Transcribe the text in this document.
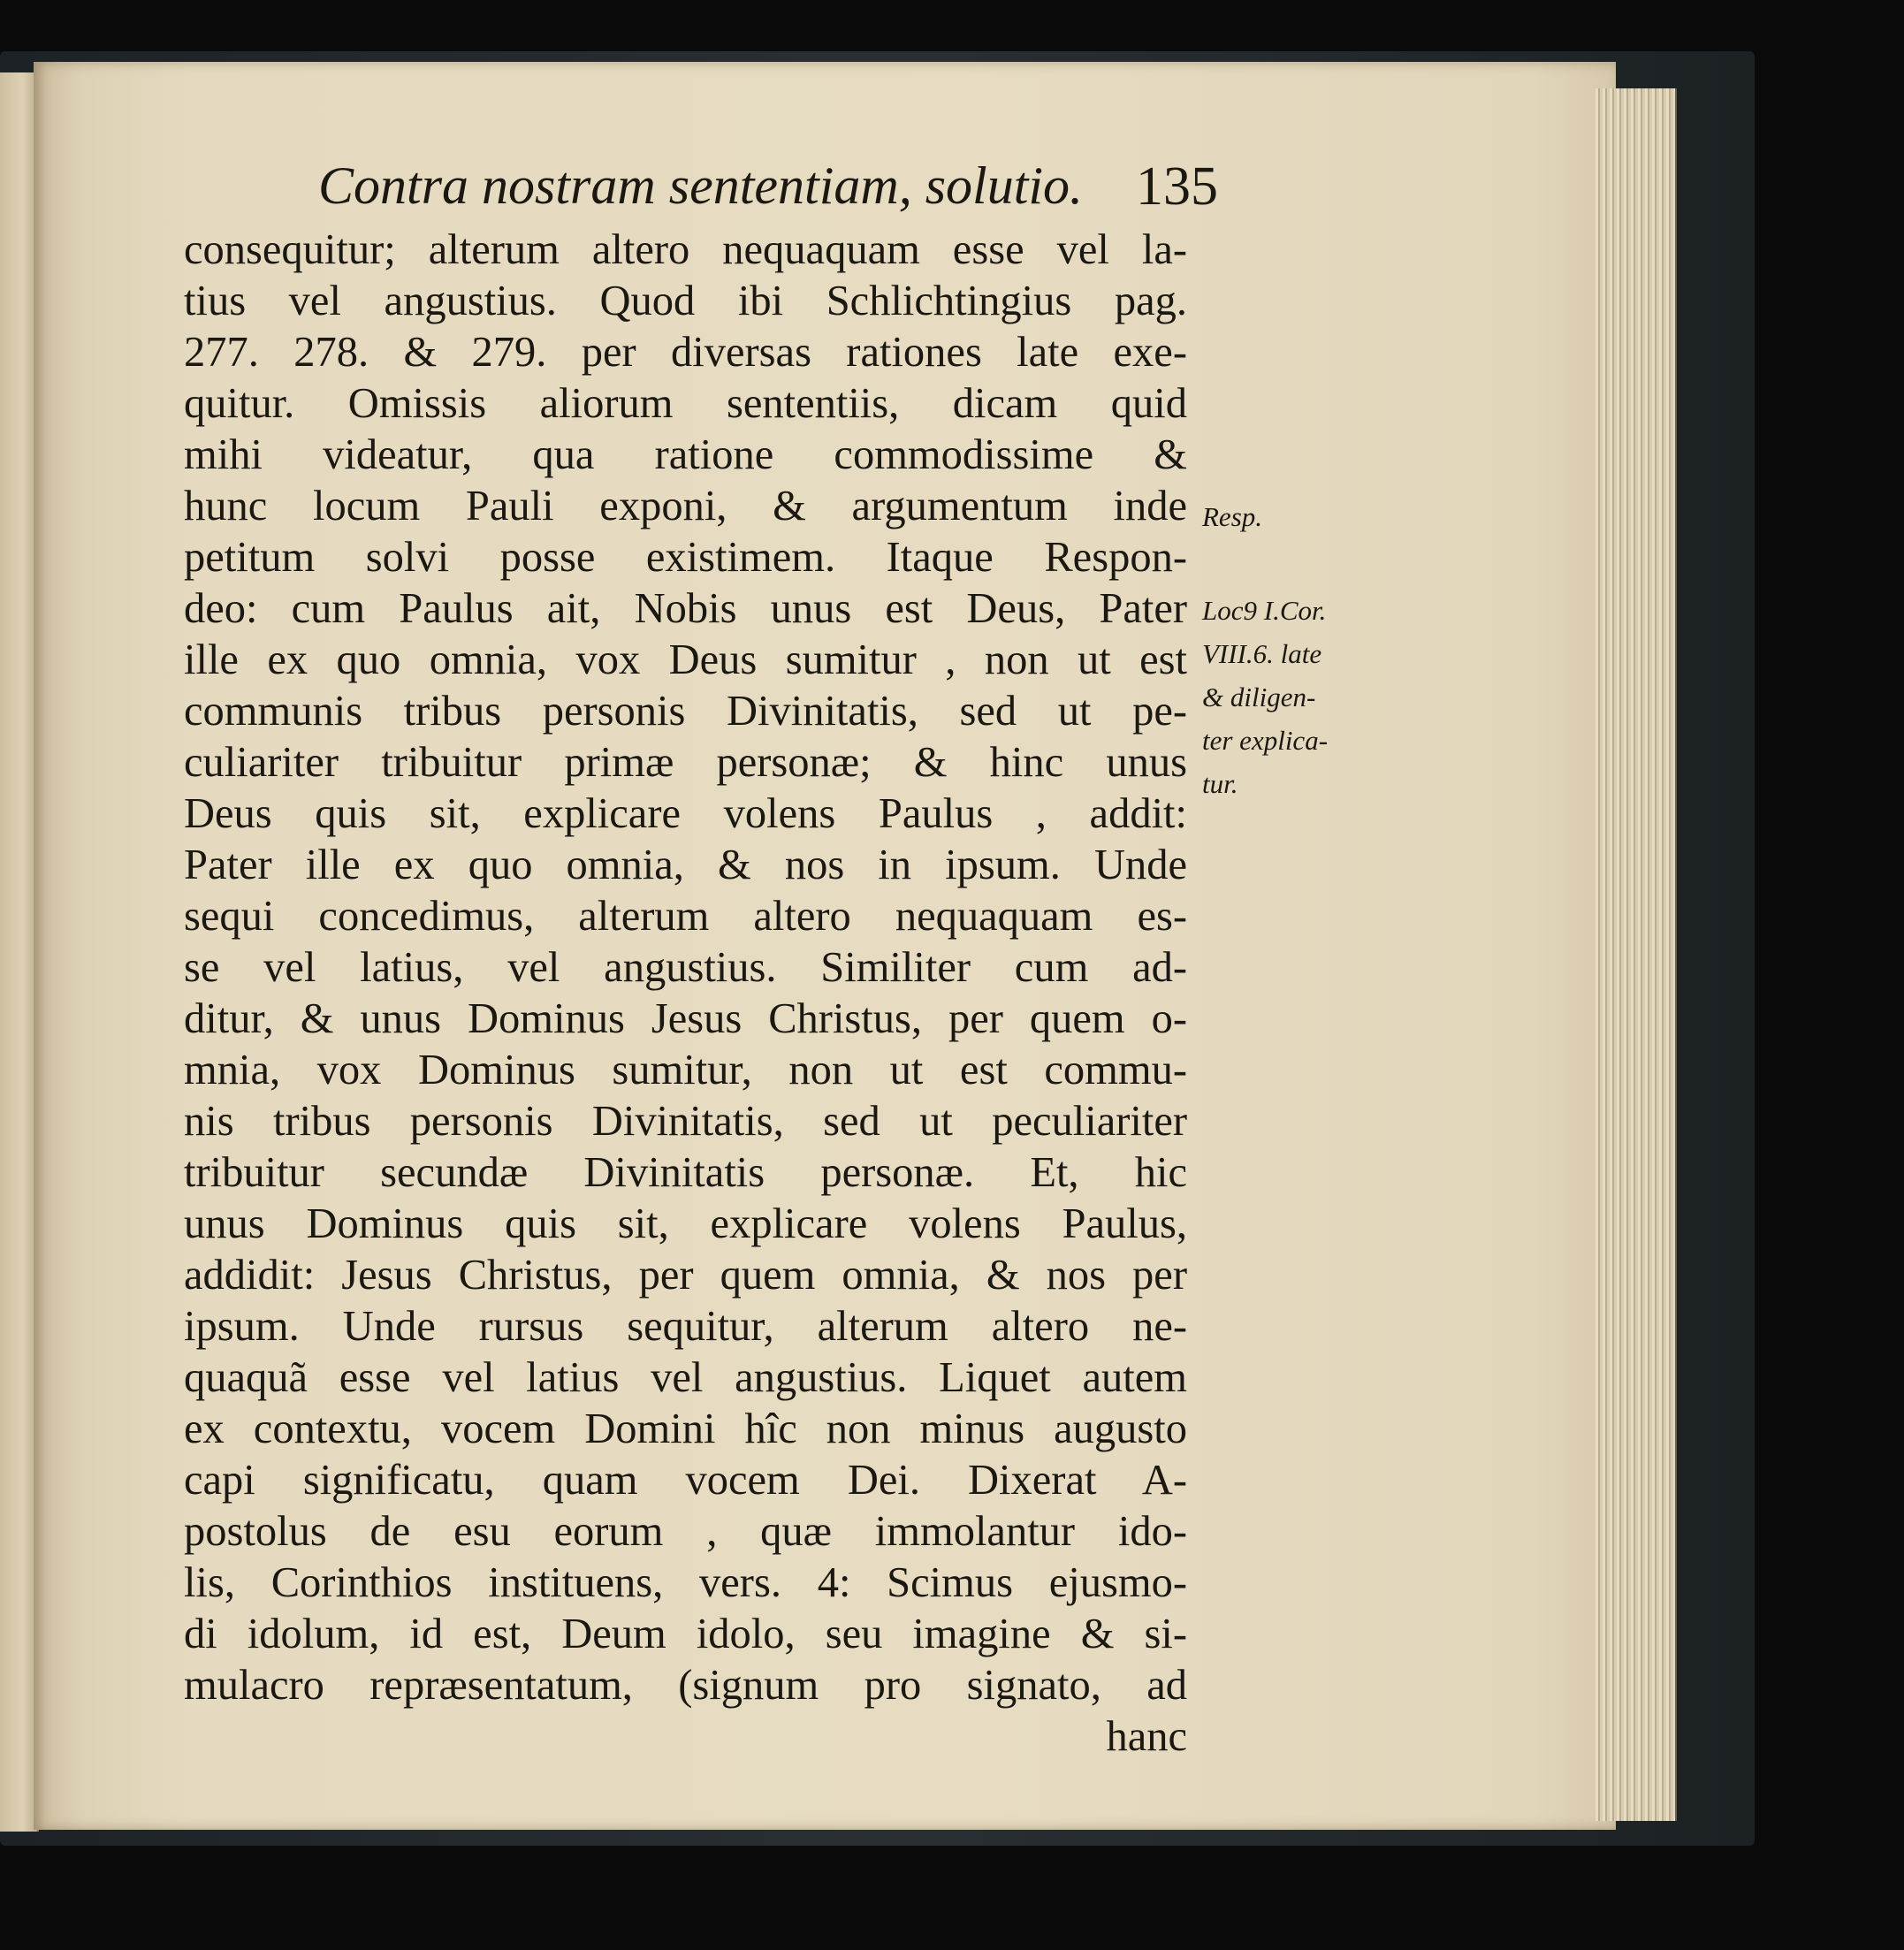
Contra nostram sententiam, solutio. 135
consequitur; alterum altero nequaquam esse vel la-
tius vel angustius. Quod ibi Schlichtingius pag.
277. 278. & 279. per diversas rationes late exe-
quitur. Omissis aliorum sententiis, dicam quid
mihi videatur, qua ratione commodissime &
hunc locum Pauli exponi, & argumentum inde
petitum solvi posse existimem. Itaque Respon-
deo: cum Paulus ait, Nobis unus est Deus, Pater
ille ex quo omnia, vox Deus sumitur , non ut est
communis tribus personis Divinitatis, sed ut pe-
culiariter tribuitur primæ personæ; & hinc unus
Deus quis sit, explicare volens Paulus , addit:
Pater ille ex quo omnia, & nos in ipsum. Unde
sequi concedimus, alterum altero nequaquam es-
se vel latius, vel angustius. Similiter cum ad-
ditur, & unus Dominus Jesus Christus, per quem o-
mnia, vox Dominus sumitur, non ut est commu-
nis tribus personis Divinitatis, sed ut peculiariter
tribuitur secundæ Divinitatis personæ. Et, hic
unus Dominus quis sit, explicare volens Paulus,
addidit: Jesus Christus, per quem omnia, & nos per
ipsum. Unde rursus sequitur, alterum altero ne-
quaquã esse vel latius vel angustius. Liquet autem
ex contextu, vocem Domini hîc non minus augusto
capi significatu, quam vocem Dei. Dixerat A-
postolus de esu eorum , quæ immolantur ido-
lis, Corinthios instituens, vers. 4: Scimus ejusmo-
di idolum, id est, Deum idolo, seu imagine & si-
mulacro repræsentatum, (signum pro signato, ad
hanc
Resp.
Loc9 I.Cor.
VIII.6. late
& diligen-
ter explica-
tur.
